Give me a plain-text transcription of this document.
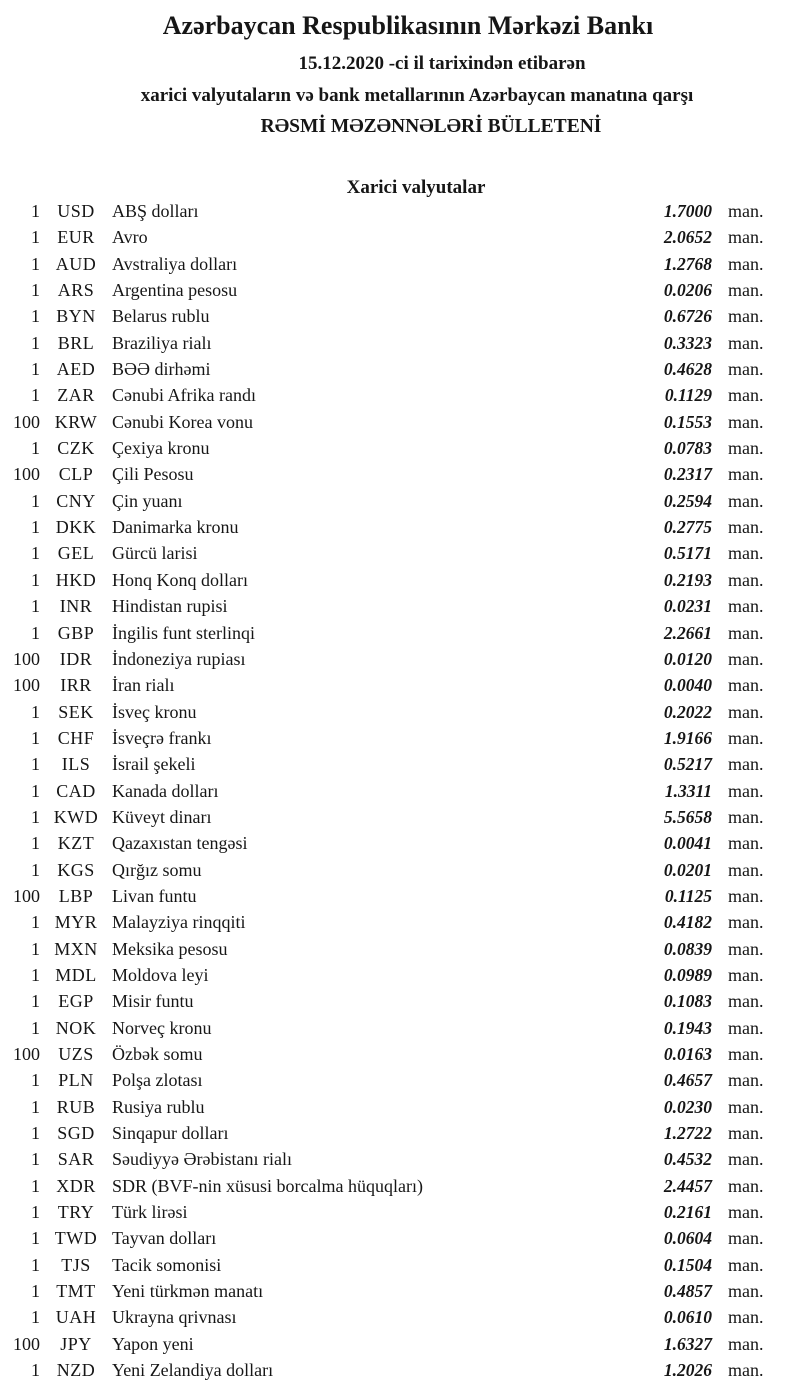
Azərbaycan Respublikasının Mərkəzi Bankı
15.12.2020 -ci il tarixindən etibarən
xarici valyutaların və bank metallarının Azərbaycan manatına qarşı
RƏSMİ MƏZƏNNƏLƏRİ BÜLLETENİ
Xarici valyutalar
1 USD ABŞ dolları	1.7000 man.
1 EUR Avro	2.0652 man.
1 AUD Avstraliya dolları	1.2768 man.
1 ARS Argentina pesosu	0.0206 man.
1 BYN Belarus rublu	0.6726 man.
1 BRL Braziliya rialı	0.3323 man.
1 AED BƏƏ dirhəmi	0.4628 man.
1 ZAR Cənubi Afrika randı	0.1129 man.
100 KRW Cənubi Korea vonu	0.1553 man.
1 CZK Çexiya kronu	0.0783 man.
100	CLP	Çili Pesosu	0.2317 man.
1 CNY Çin yuanı	0.2594 man.
1 DKK Danimarka kronu	0.2775 man.
1 GEL Gürcü larisi	0.5171 man.
1 HKD Honq Konq dolları	0.2193 man.
1	INR	Hindistan rupisi	0.0231 man.
1 GBP İngilis funt sterlinqi	2.2661 man.
100	IDR	İndoneziya rupiası	0.0120 man.
100	IRR	İran rialı	0.0040 man.
1	SEK	İsveç kronu	0.2022 man.
1 CHF İsveçrə frankı	1.9166 man.
1	ILS	İsrail şekeli	0.5217 man.
1 CAD Kanada dolları	1.3311 man.
1 KWD Küveyt dinarı	5.5658 man.
1 KZT Qazaxıstan tengəsi	0.0041 man.
1 KGS Qırğız somu	0.0201 man.
100	LBP	Livan funtu	0.1125 man.
1 MYR Malayziya rinqqiti	0.4182 man.
1 MXN Meksika pesosu	0.0839 man.
1 MDL Moldova leyi	0.0989 man.
1	EGP	Misir funtu	0.1083 man.
1 NOK Norveç kronu	0.1943 man.
100	UZS	Özbək somu	0.0163 man.
1	PLN	Polşa zlotası	0.4657 man.
1 RUB Rusiya rublu	0.0230 man.
1 SGD Sinqapur dolları	1.2722 man.
1 SAR Səudiyyə Ərəbistanı rialı	0.4532 man.
1 XDR SDR (BVF-nin xüsusi borcalma hüquqları)	2.4457 man.
1 TRY Türk lirəsi	0.2161 man.
1 TWD Tayvan dolları	0.0604 man.
1	TJS	Tacik somonisi	0.1504 man.
1 TMT Yeni türkmən manatı	0.4857 man.
1 UAH Ukrayna qrivnası	0.0610 man.
100	JPY	Yapon yeni	1.6327 man.
1 NZD Yeni Zelandiya dolları	1.2026 man.
